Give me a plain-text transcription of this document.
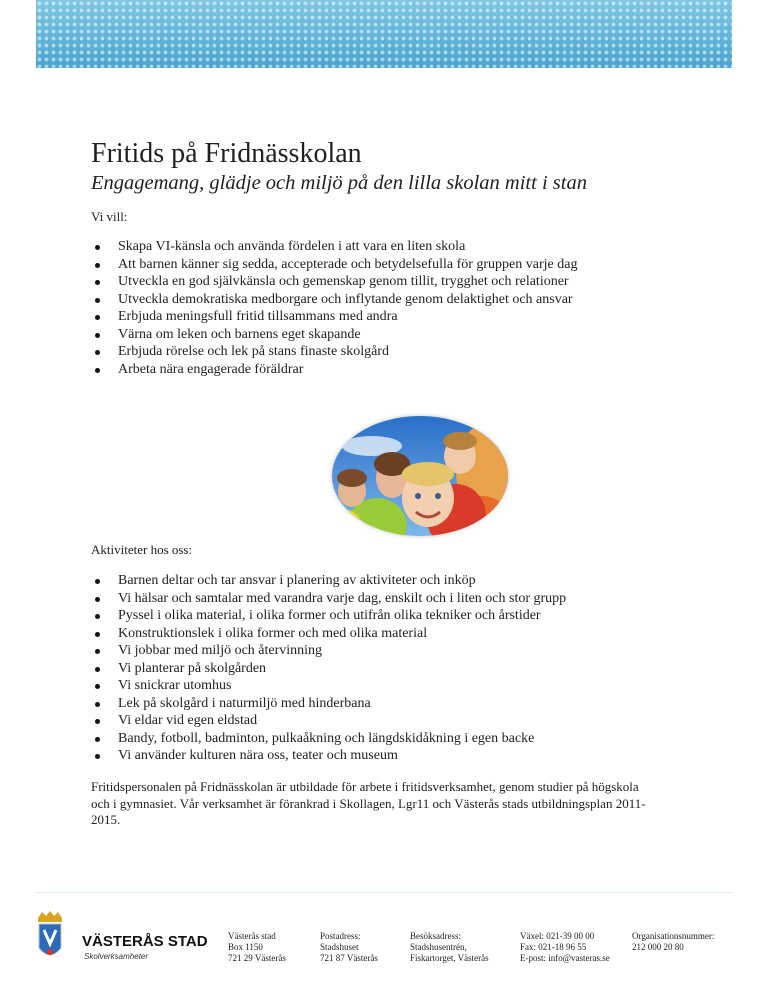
Fritids på Fridnässkolan
Engagemang, glädje och miljö på den lilla skolan mitt i stan
Vi vill:
Skapa VI-känsla och använda fördelen i att vara en liten skola
Att barnen känner sig sedda, accepterade och betydelsefulla för gruppen varje dag
Utveckla en god självkänsla och gemenskap genom tillit, trygghet och relationer
Utveckla demokratiska medborgare och inflytande genom delaktighet och ansvar
Erbjuda meningsfull fritid tillsammans med andra
Värna om leken och barnens eget skapande
Erbjuda rörelse och lek på stans finaste skolgård
Arbeta nära engagerade föräldrar
Aktiviteter hos oss:
Barnen deltar och tar ansvar i planering av aktiviteter och inköp
Vi hälsar och samtalar med varandra varje dag, enskilt och i liten och stor grupp
Pyssel i olika material, i olika former och utifrån olika tekniker och årstider
Konstruktionslek i olika former och med olika material
Vi jobbar med miljö och återvinning
Vi planterar på skolgården
Vi snickrar utomhus
Lek på skolgård i naturmiljö med hinderbana
Vi eldar vid egen eldstad
Bandy, fotboll, badminton, pulkaåkning och längdskidåkning i egen backe
Vi använder kulturen nära oss, teater och museum

Fritidspersonalen på Fridnässkolan är utbildade för arbete i fritidsverksamhet, genom studier på högskola och i gymnasiet. Vår verksamhet är förankrad i Skollagen, Lgr11 och Västerås stads utbildningsplan 2011-2015.

VÄSTERÅS STAD
Skolverksamheter
Västerås stad
Box 1150
721 29 Västerås
Postadress:
Stadshuset
721 87 Västerås
Besöksadress:
Stadshusentrén,
Fiskartorget, Västerås
Växel: 021-39 00 00
Fax: 021-18 96 55
E-post: info@vasteras.se
Organisationsnummer:
212 000 20 80
